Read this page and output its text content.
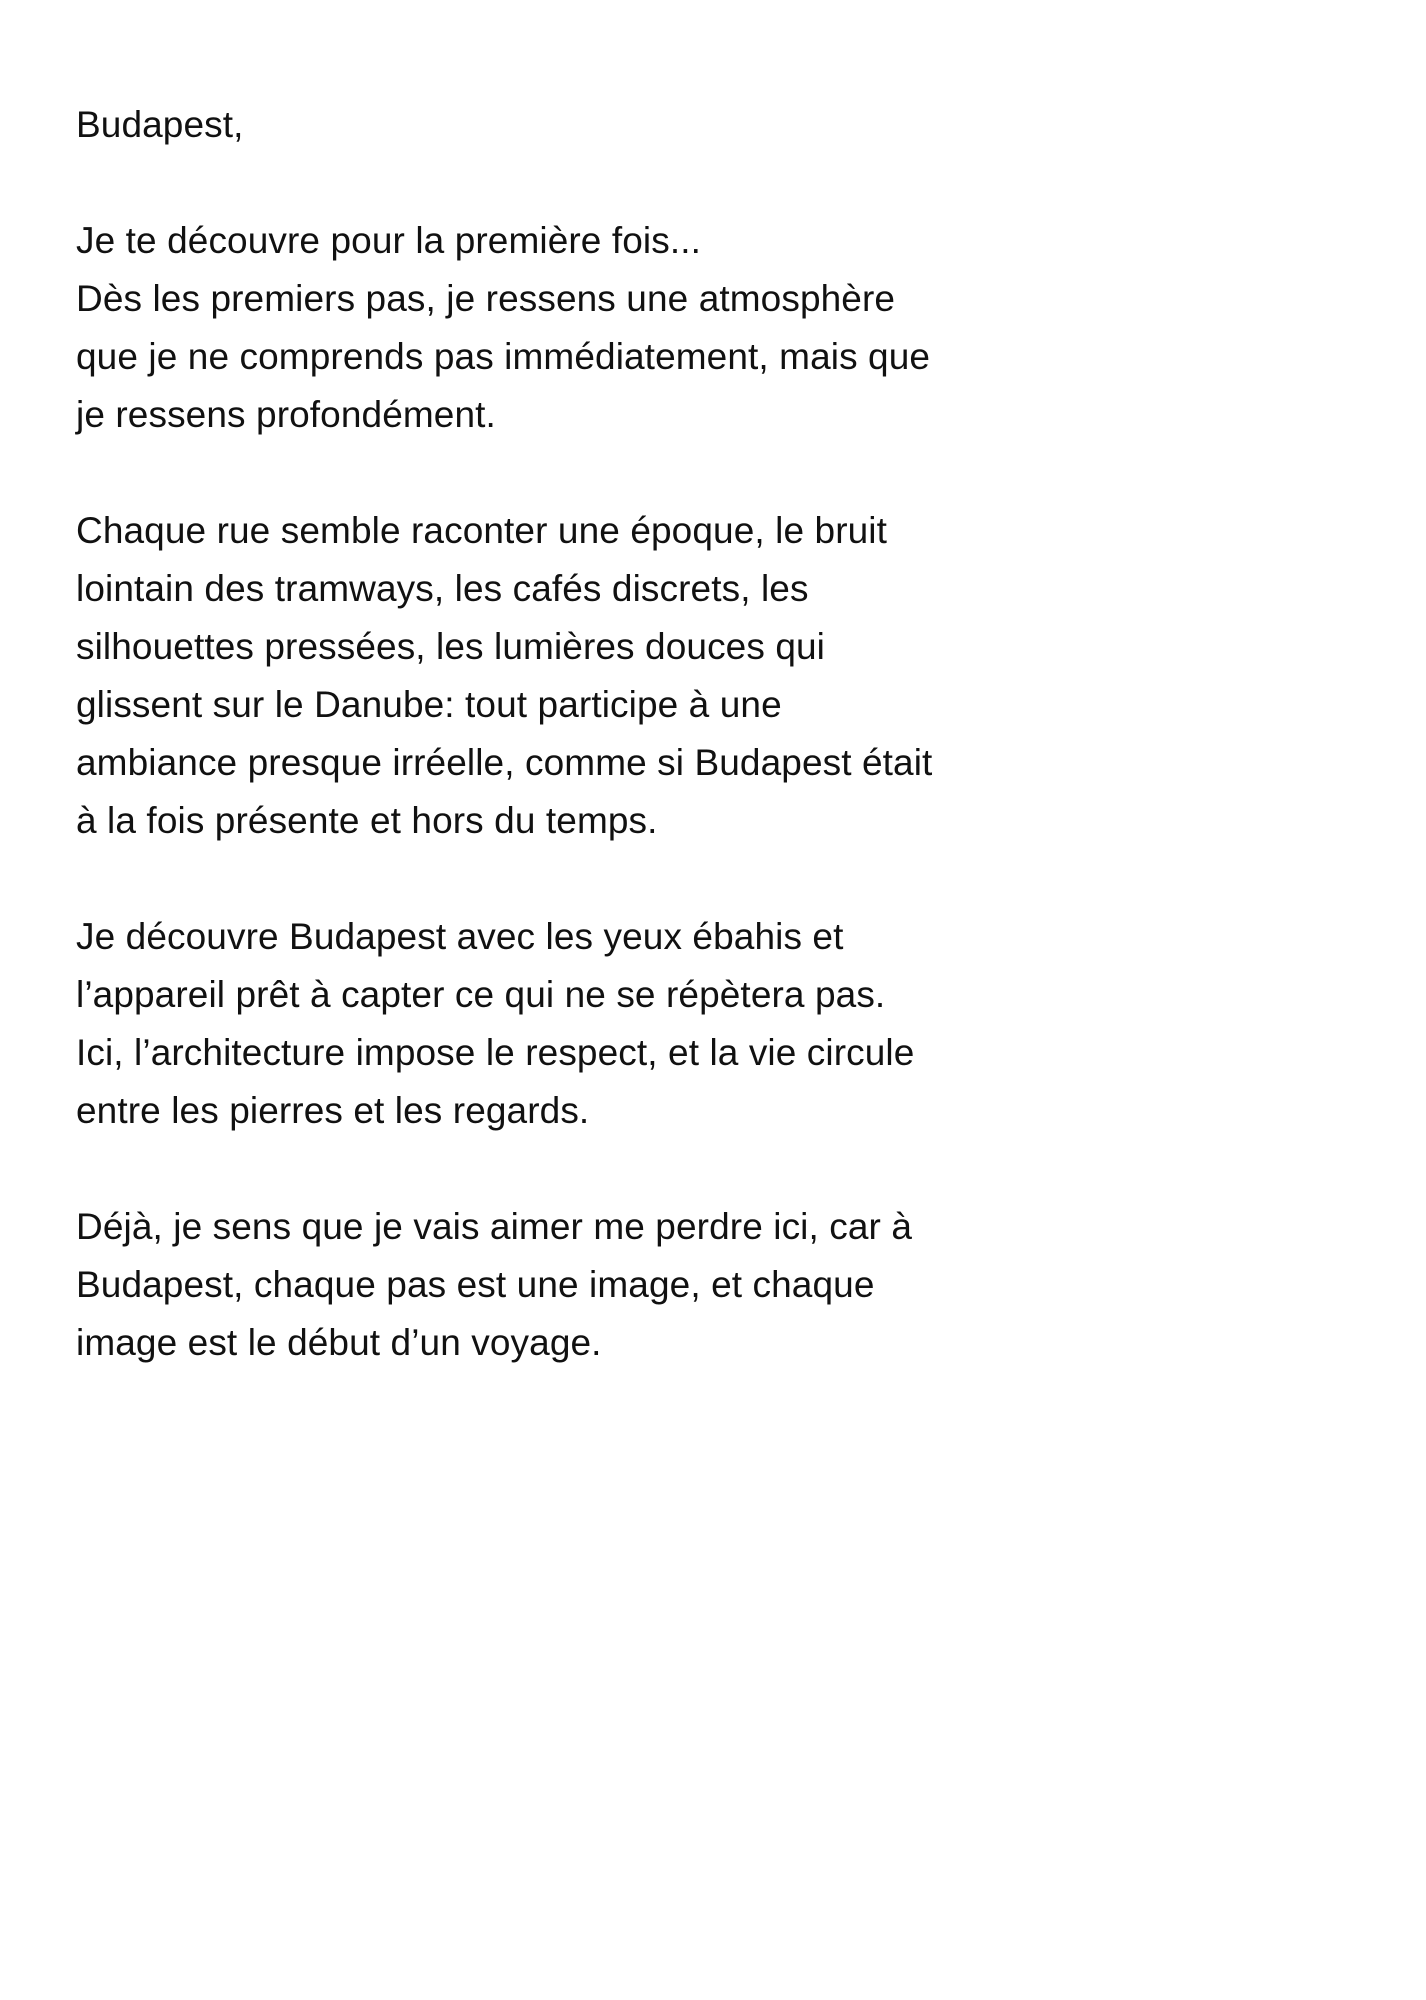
Budapest,
Je te découvre pour la première fois...
Dès les premiers pas, je ressens une atmosphère
que je ne comprends pas immédiatement, mais que
je ressens profondément.
Chaque rue semble raconter une époque, le bruit
lointain des tramways, les cafés discrets, les
silhouettes pressées, les lumières douces qui
glissent sur le Danube: tout participe à une
ambiance presque irréelle, comme si Budapest était
à la fois présente et hors du temps.
Je découvre Budapest avec les yeux ébahis et
l’appareil prêt à capter ce qui ne se répètera pas.
Ici, l’architecture impose le respect, et la vie circule
entre les pierres et les regards.
Déjà, je sens que je vais aimer me perdre ici, car à
Budapest, chaque pas est une image, et chaque
image est le début d’un voyage.
